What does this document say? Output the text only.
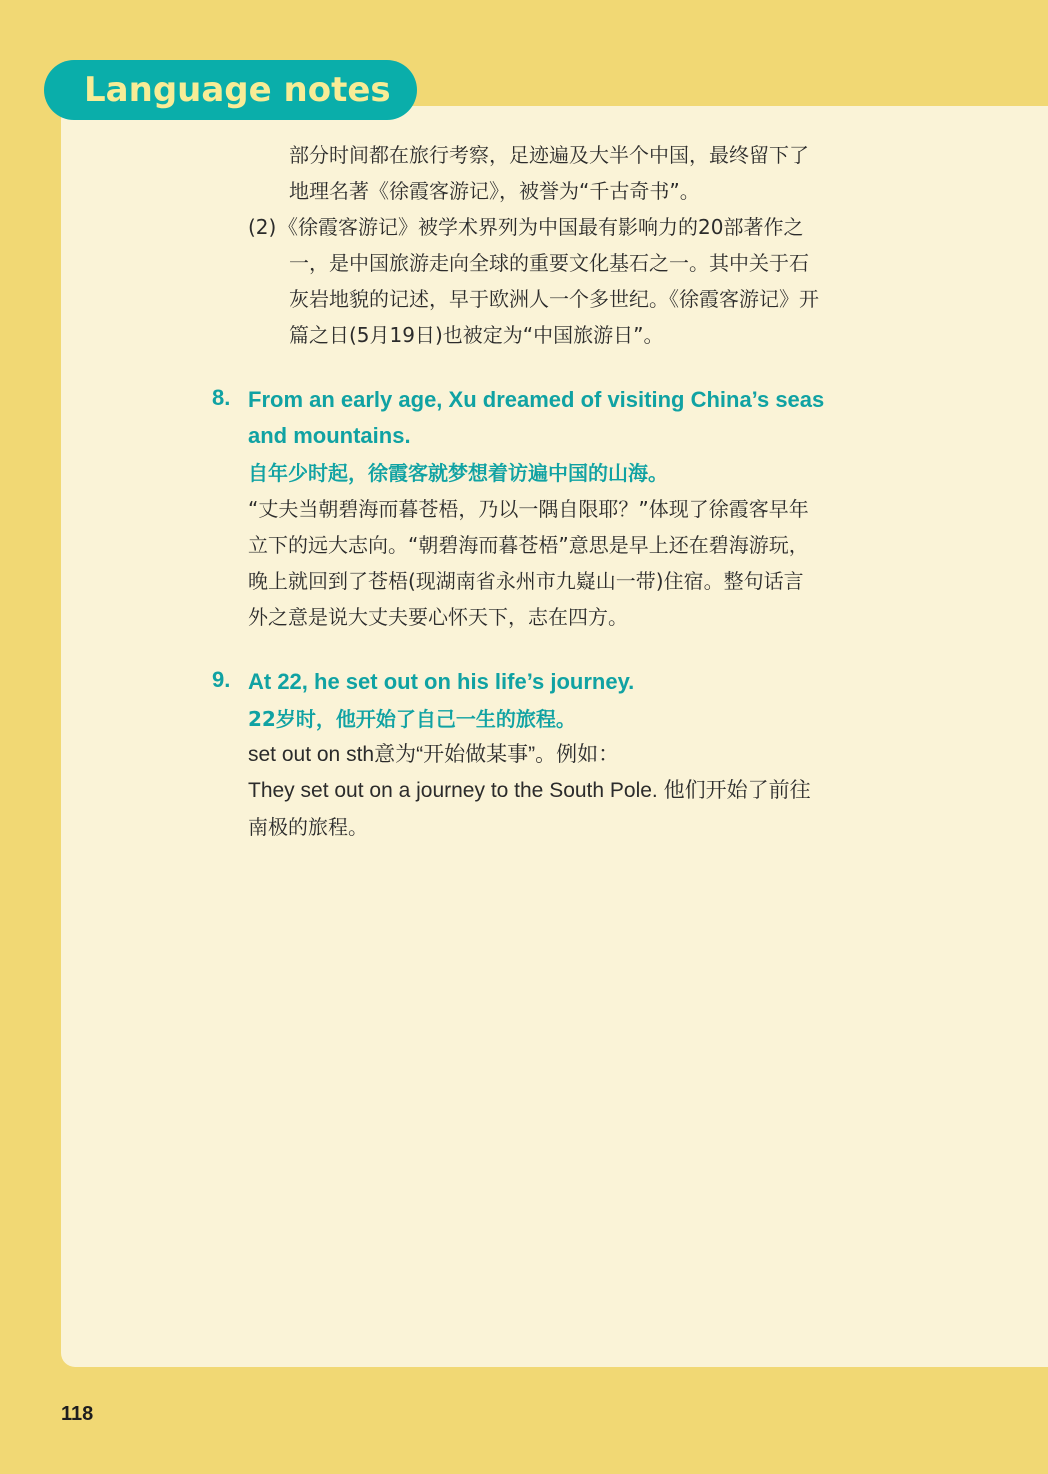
Language notes
部分时间都在旅行考察，足迹遍及大半个中国，最终留下了
地理名著《徐霞客游记》，被誉为“千古奇书”。
(2) 《徐霞客游记》被学术界列为中国最有影响力的20部著作之
一，是中国旅游走向全球的重要文化基石之一。其中关于石
灰岩地貌的记述，早于欧洲人一个多世纪。《徐霞客游记》开
篇之日(5月19日)也被定为“中国旅游日”。
8. From an early age, Xu dreamed of visiting China’s seas
and mountains.
自年少时起，徐霞客就梦想着访遍中国的山海。
“丈夫当朝碧海而暮苍梧，乃以一隅自限耶？”体现了徐霞客早年
立下的远大志向。“朝碧海而暮苍梧”意思是早上还在碧海游玩，
晚上就回到了苍梧(现湖南省永州市九嶷山一带)住宿。整句话言
外之意是说大丈夫要心怀天下，志在四方。
9. At 22, he set out on his life’s journey.
22岁时，他开始了自己一生的旅程。
set out on sth意为“开始做某事”。例如：
They set out on a journey to the South Pole. 他们开始了前往
南极的旅程。
118
